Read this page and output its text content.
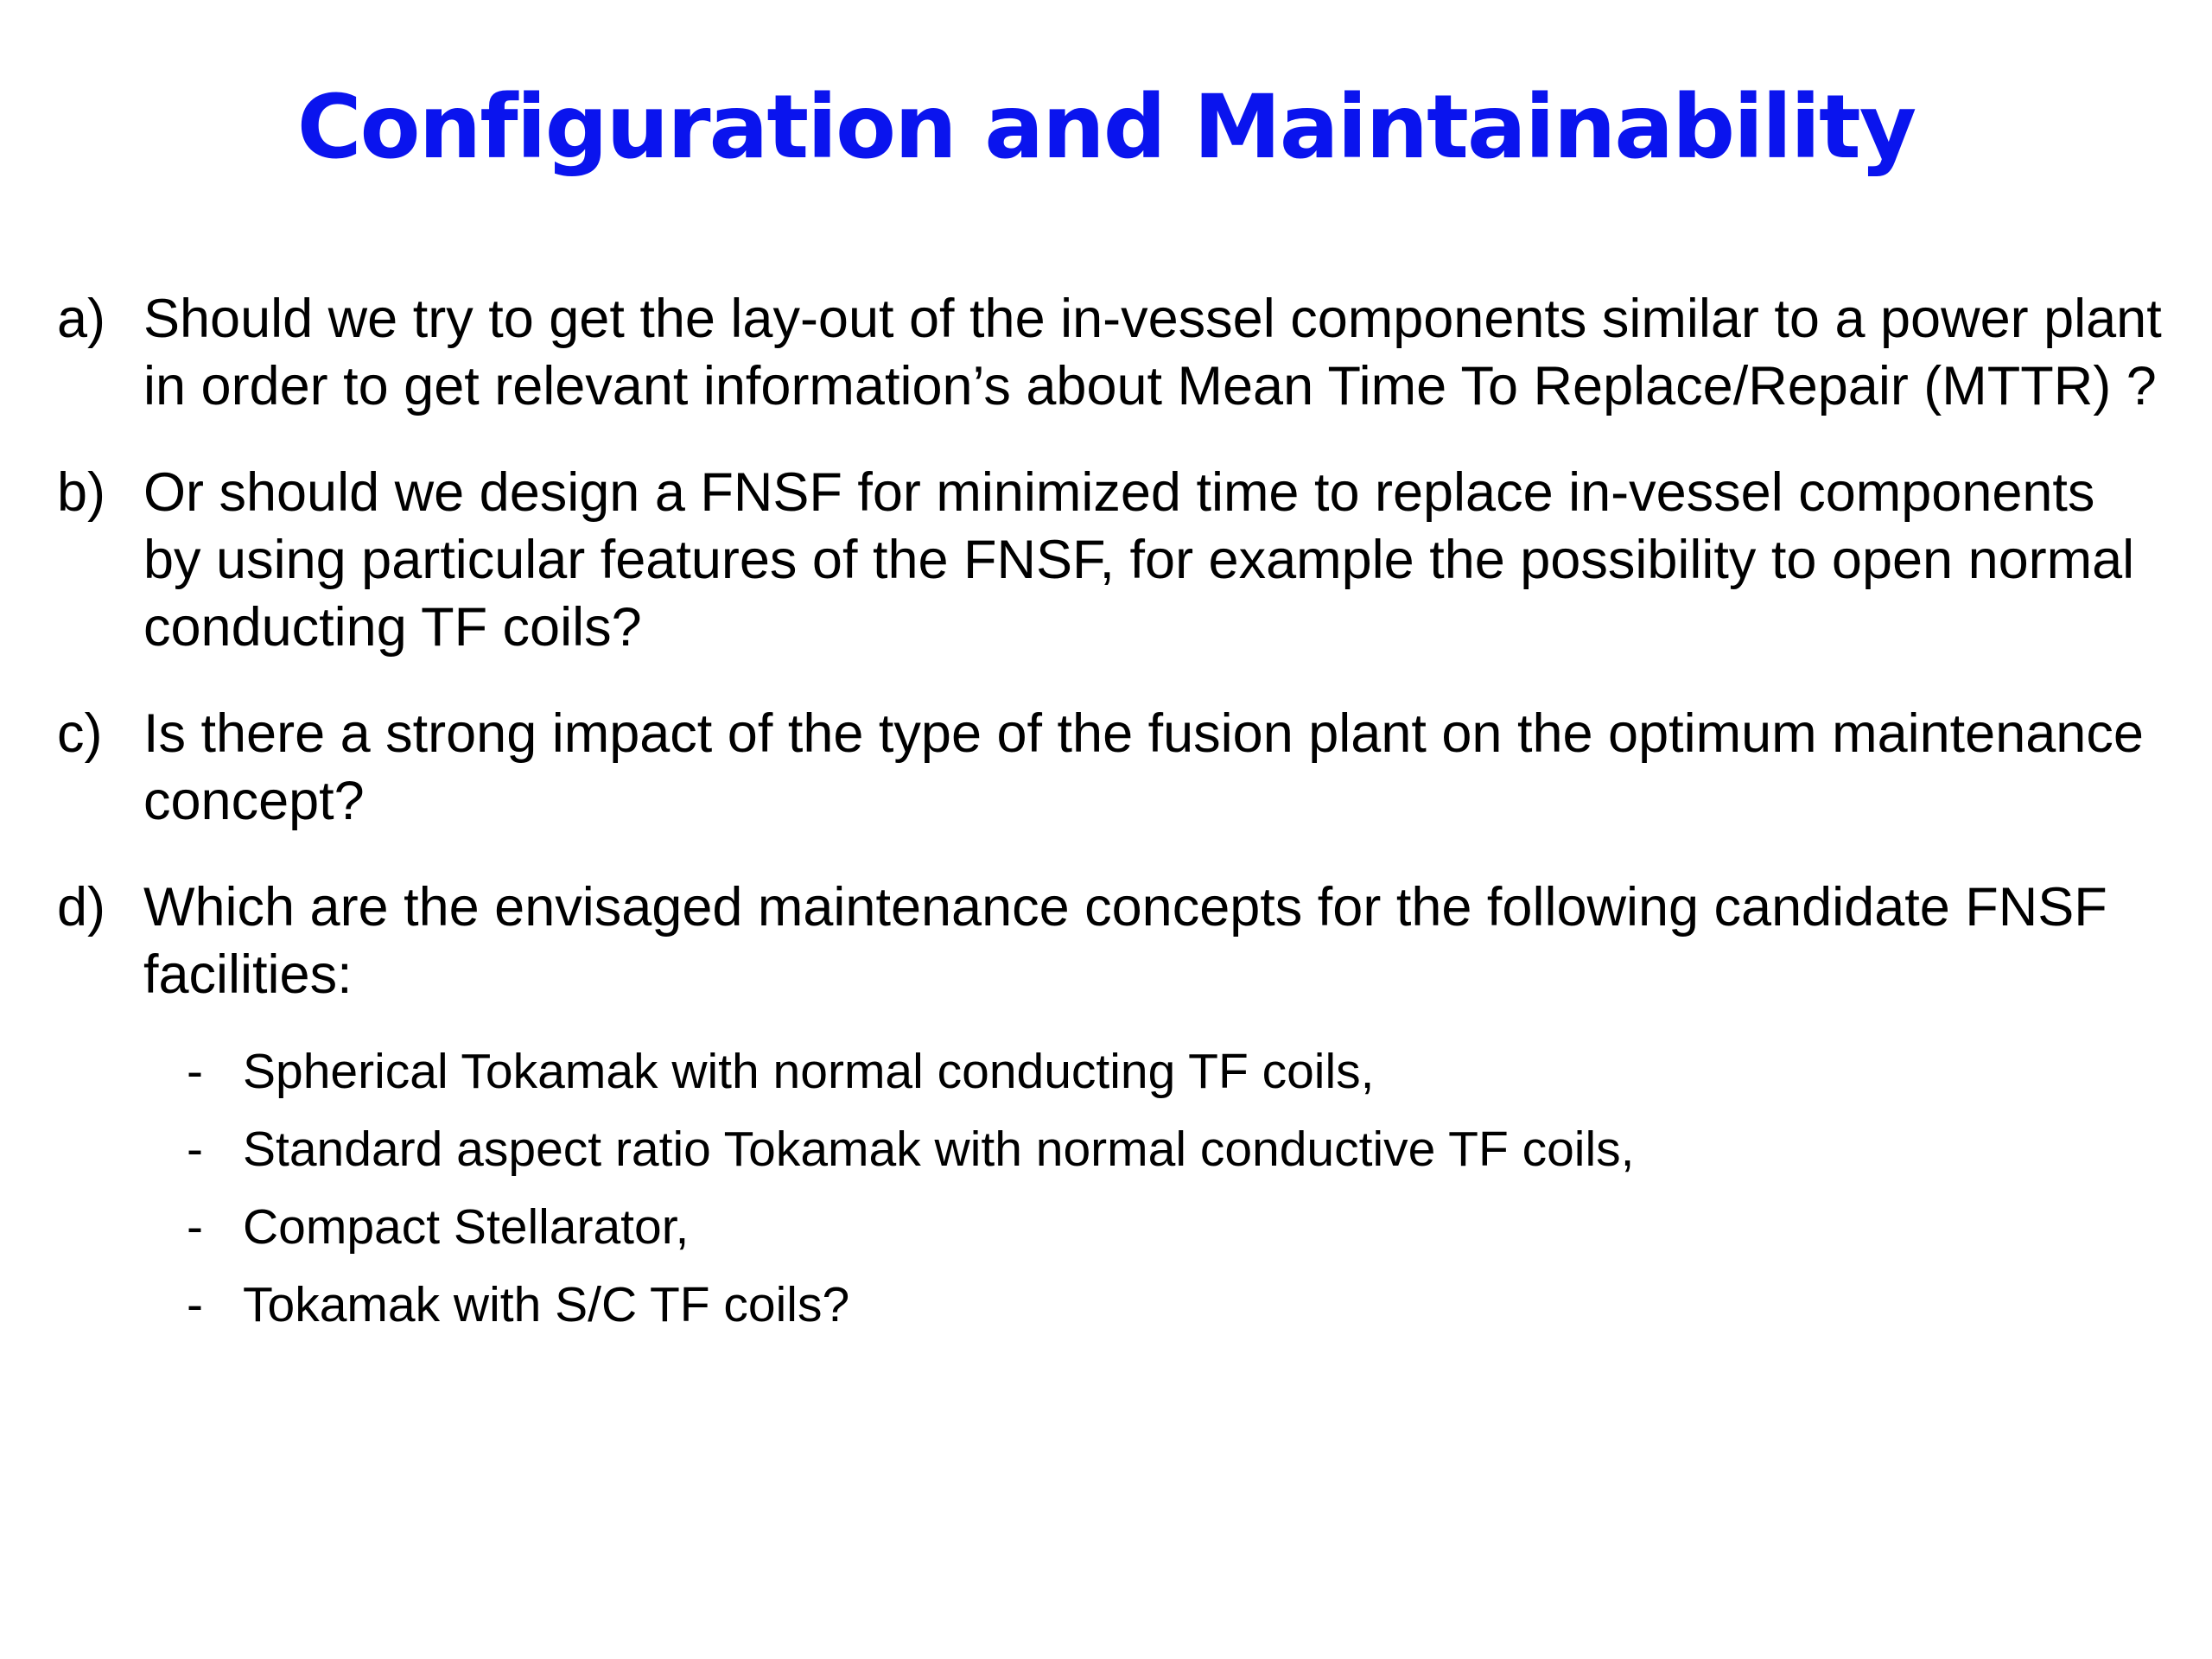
Configuration and Maintainability
a) Should we try to get the lay-out of the in-vessel components similar to a power plant in order to get relevant information’s about Mean Time To Replace/Repair (MTTR) ?
b) Or should we design a FNSF for minimized time to replace in-vessel components by using particular features of the FNSF, for example the possibility to open normal conducting TF coils?
c) Is there a strong impact of the type of the fusion plant on the optimum maintenance concept?
d) Which are the envisaged maintenance concepts for the following candidate FNSF facilities:
- Spherical Tokamak with normal conducting TF coils,
- Standard aspect ratio Tokamak with normal conductive TF coils,
- Compact Stellarator,
- Tokamak with S/C TF coils?
